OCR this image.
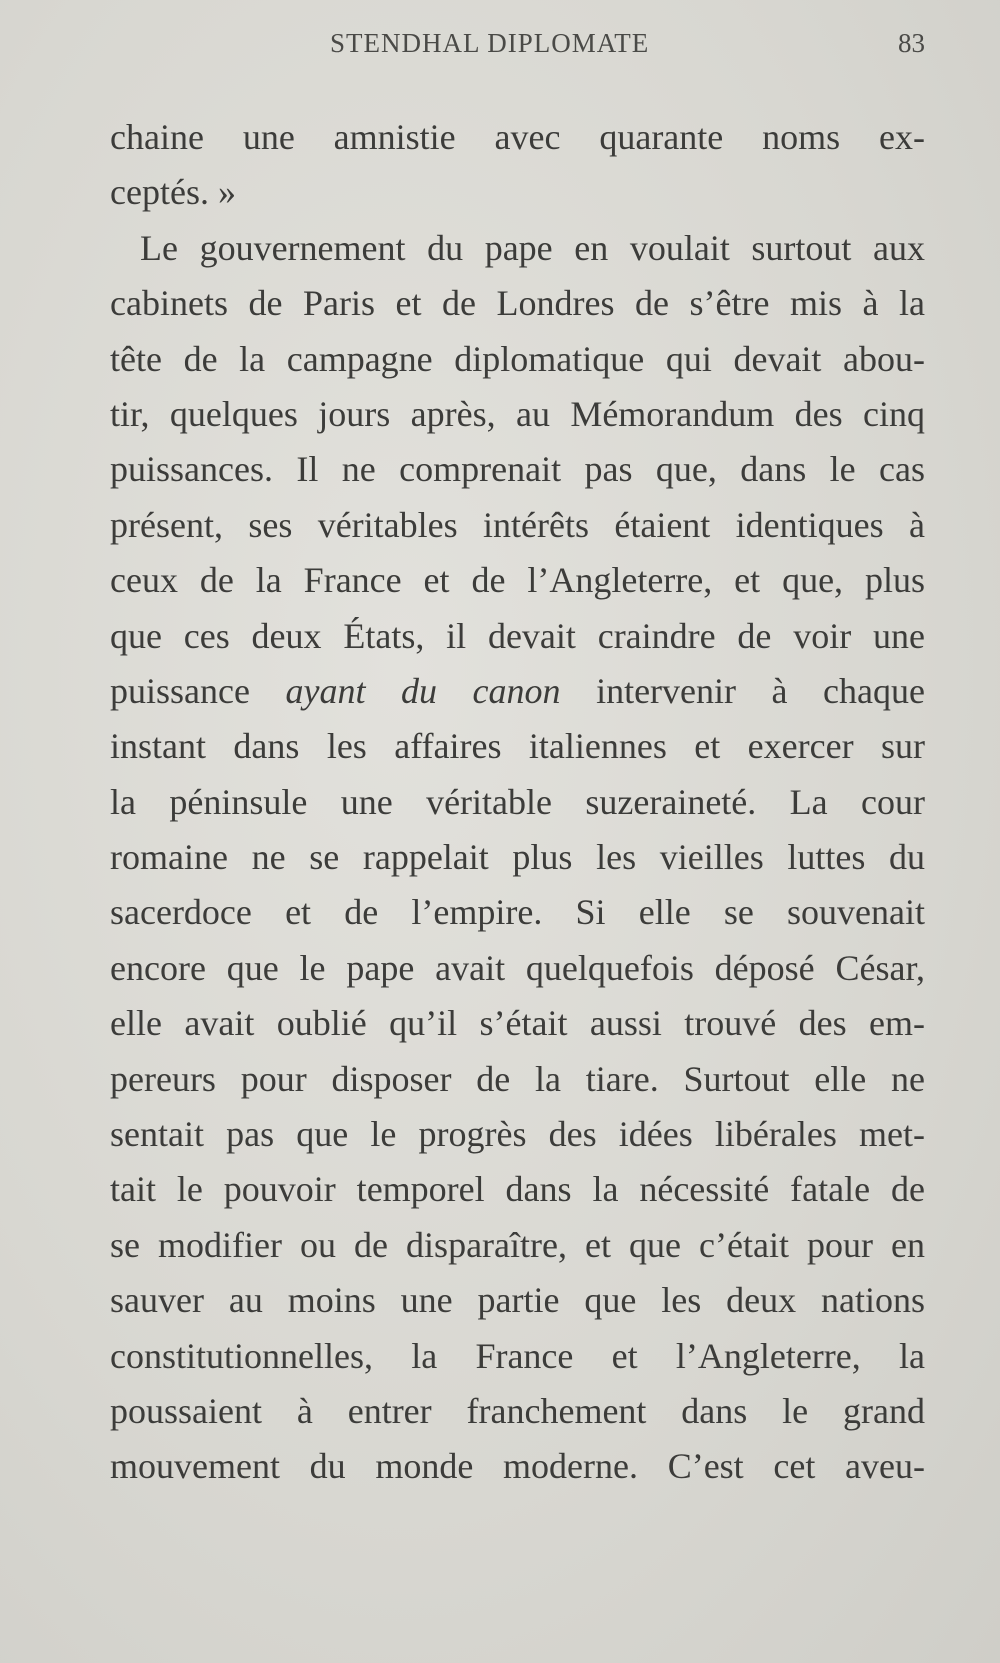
STENDHAL DIPLOMATE	83
chaine une amnistie avec quarante noms ex-
ceptés. »
Le gouvernement du pape en voulait surtout aux
cabinets de Paris et de Londres de s’être mis à la
tête de la campagne diplomatique qui devait abou-
tir, quelques jours après, au Mémorandum des cinq
puissances. Il ne comprenait pas que, dans le cas
présent, ses véritables intérêts étaient identiques à
ceux de la France et de l’Angleterre, et que, plus
que ces deux États, il devait craindre de voir une
puissance ayant du canon intervenir à chaque
instant dans les affaires italiennes et exercer sur
la péninsule une véritable suzeraineté. La cour
romaine ne se rappelait plus les vieilles luttes du
sacerdoce et de l’empire. Si elle se souvenait
encore que le pape avait quelquefois déposé César,
elle avait oublié qu’il s’était aussi trouvé des em-
pereurs pour disposer de la tiare. Surtout elle ne
sentait pas que le progrès des idées libérales met-
tait le pouvoir temporel dans la nécessité fatale de
se modifier ou de disparaître, et que c’était pour en
sauver au moins une partie que les deux nations
constitutionnelles, la France et l’Angleterre, la
poussaient à entrer franchement dans le grand
mouvement du monde moderne. C’est cet aveu-
